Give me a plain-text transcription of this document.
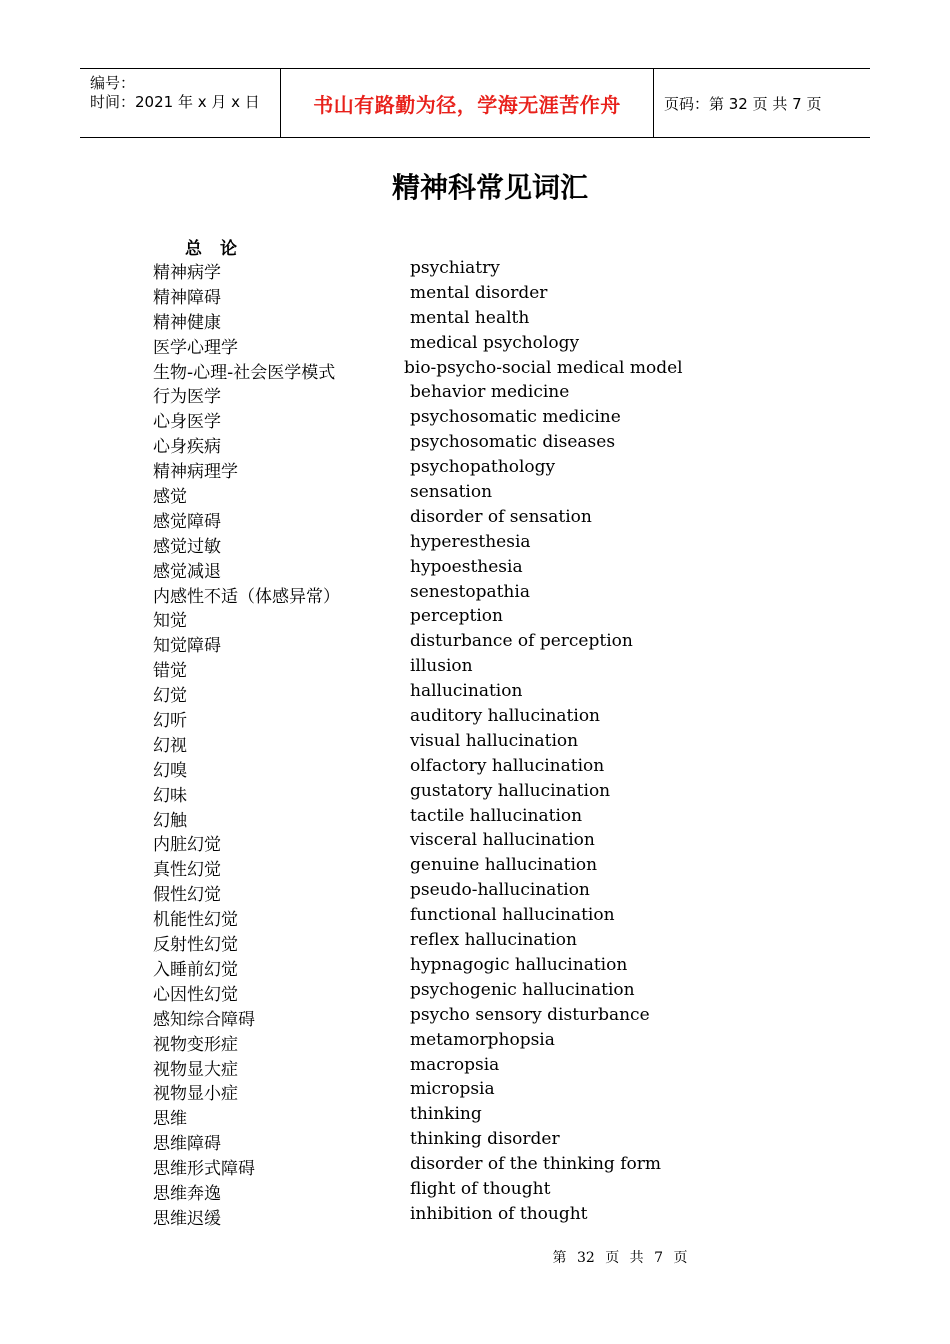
编号：
时间：2021 年 x 月 x 日	书山有路勤为径，学海无涯苦作舟	页码：第 32 页 共 7 页
精神科常见词汇
总论
精神病学	psychiatry
精神障碍	mental disorder
精神健康	mental health
医学心理学	medical psychology
生物-心理-社会医学模式	bio-psycho-social medical model
行为医学	behavior medicine
心身医学	psychosomatic medicine
心身疾病	psychosomatic diseases
精神病理学	psychopathology
感觉	sensation
感觉障碍	disorder of sensation
感觉过敏	hyperesthesia
感觉减退	hypoesthesia
内感性不适（体感异常）	senestopathia
知觉	perception
知觉障碍	disturbance of perception
错觉	illusion
幻觉	hallucination
幻听	auditory hallucination
幻视	visual hallucination
幻嗅	olfactory hallucination
幻味	gustatory hallucination
幻触	tactile hallucination
内脏幻觉	visceral hallucination
真性幻觉	genuine hallucination
假性幻觉	pseudo-hallucination
机能性幻觉	functional hallucination
反射性幻觉	reflex hallucination
入睡前幻觉	hypnagogic hallucination
心因性幻觉	psychogenic hallucination
感知综合障碍	psycho sensory disturbance
视物变形症	metamorphopsia
视物显大症	macropsia
视物显小症	micropsia
思维	thinking
思维障碍	thinking disorder
思维形式障碍	disorder of the thinking form
思维奔逸	flight of thought
思维迟缓	inhibition of thought
第 32 页 共 7 页
